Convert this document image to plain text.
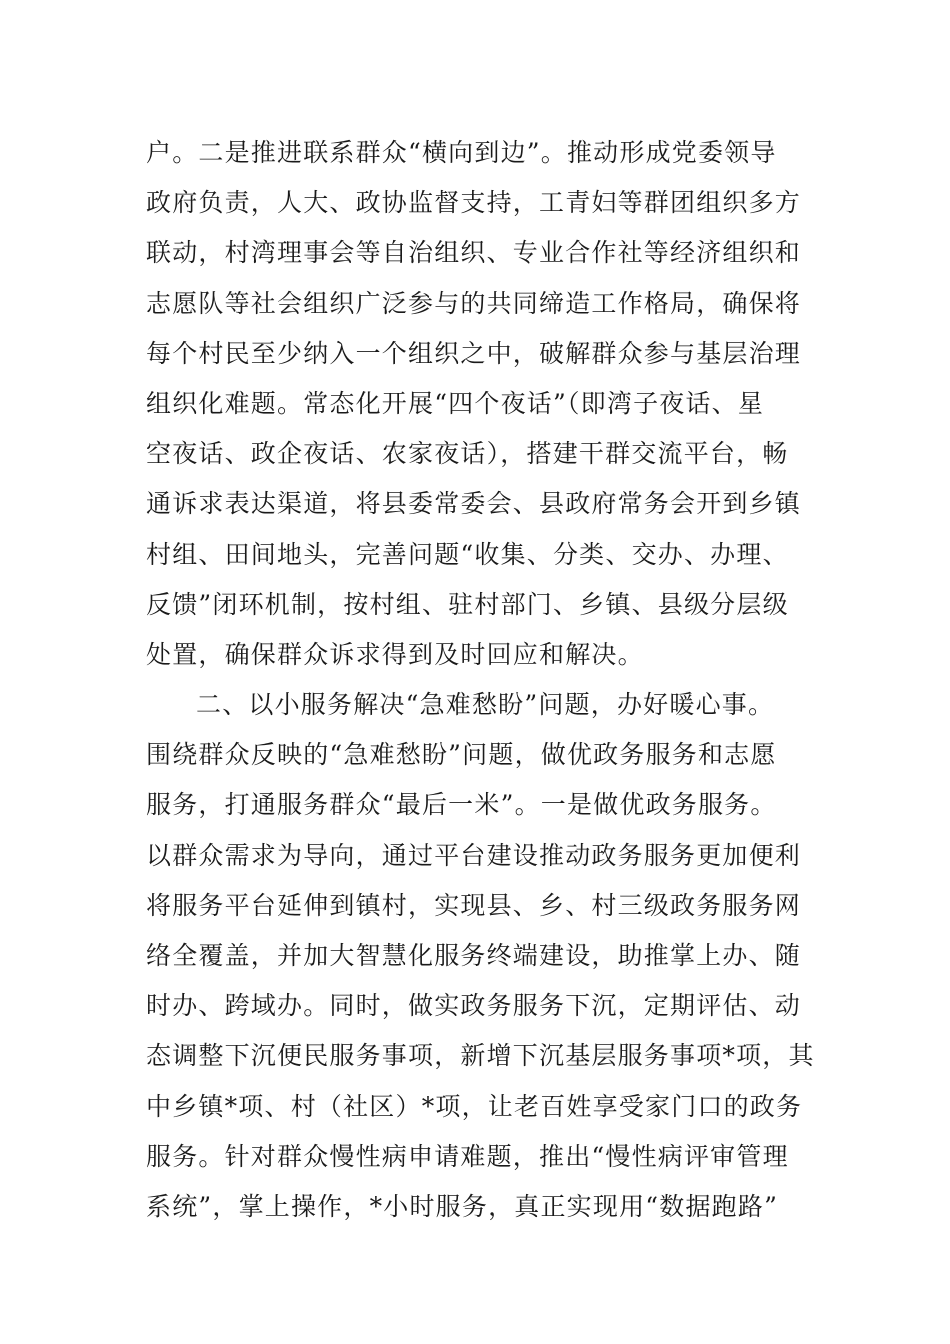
户。二是推进联系群众“横向到边”。推动形成党委领导
政府负责，人大、政协监督支持，工青妇等群团组织多方
联动，村湾理事会等自治组织、专业合作社等经济组织和
志愿队等社会组织广泛参与的共同缔造工作格局，确保将
每个村民至少纳入一个组织之中，破解群众参与基层治理
组织化难题。常态化开展“四个夜话”（即湾子夜话、星
空夜话、政企夜话、农家夜话），搭建干群交流平台，畅
通诉求表达渠道，将县委常委会、县政府常务会开到乡镇
村组、田间地头，完善问题“收集、分类、交办、办理、
反馈”闭环机制，按村组、驻村部门、乡镇、县级分层级
处置，确保群众诉求得到及时回应和解决。
二、以小服务解决“急难愁盼”问题，办好暖心事。
围绕群众反映的“急难愁盼”问题，做优政务服务和志愿
服务，打通服务群众“最后一米”。一是做优政务服务。
以群众需求为导向，通过平台建设推动政务服务更加便利
将服务平台延伸到镇村，实现县、乡、村三级政务服务网
络全覆盖，并加大智慧化服务终端建设，助推掌上办、随
时办、跨域办。同时，做实政务服务下沉，定期评估、动
态调整下沉便民服务事项，新增下沉基层服务事项*项，其
中乡镇*项、村（社区）*项，让老百姓享受家门口的政务
服务。针对群众慢性病申请难题，推出“慢性病评审管理
系统”，掌上操作，*小时服务，真正实现用“数据跑路”
